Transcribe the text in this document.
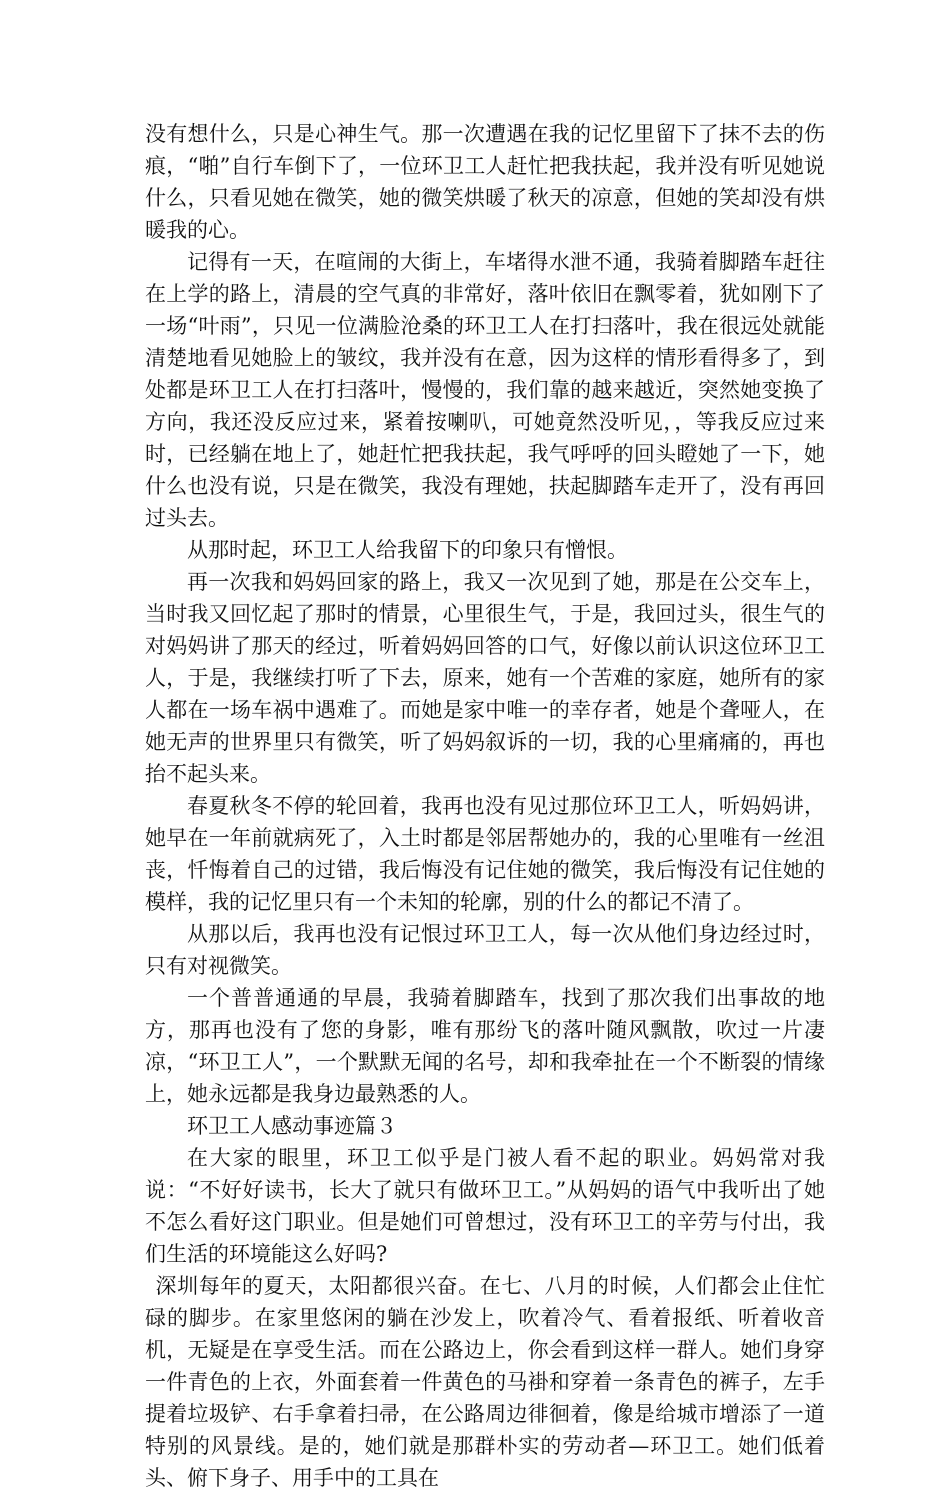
没有想什么，只是心神生气。那一次遭遇在我的记忆里留下了抹不去的伤痕，“啪”自行车倒下了，一位环卫工人赶忙把我扶起，我并没有听见她说什么，只看见她在微笑，她的微笑烘暖了秋天的凉意，但她的笑却没有烘暖我的心。

记得有一天，在喧闹的大街上，车堵得水泄不通，我骑着脚踏车赶往在上学的路上，清晨的空气真的非常好，落叶依旧在飘零着，犹如刚下了一场“叶雨”，只见一位满脸沧桑的环卫工人在打扫落叶，我在很远处就能清楚地看见她脸上的皱纹，我并没有在意，因为这样的情形看得多了，到处都是环卫工人在打扫落叶，慢慢的，我们靠的越来越近，突然她变换了方向，我还没反应过来，紧着按喇叭，可她竟然没听见，，等我反应过来时，已经躺在地上了，她赶忙把我扶起，我气呼呼的回头瞪她了一下，她什么也没有说，只是在微笑，我没有理她，扶起脚踏车走开了，没有再回过头去。

从那时起，环卫工人给我留下的印象只有憎恨。

再一次我和妈妈回家的路上，我又一次见到了她，那是在公交车上，当时我又回忆起了那时的情景，心里很生气，于是，我回过头，很生气的对妈妈讲了那天的经过，听着妈妈回答的口气，好像以前认识这位环卫工人，于是，我继续打听了下去，原来，她有一个苦难的家庭，她所有的家人都在一场车祸中遇难了。而她是家中唯一的幸存者，她是个聋哑人，在她无声的世界里只有微笑，听了妈妈叙诉的一切，我的心里痛痛的，再也抬不起头来。

春夏秋冬不停的轮回着，我再也没有见过那位环卫工人，听妈妈讲，她早在一年前就病死了，入土时都是邻居帮她办的，我的心里唯有一丝沮丧，忏悔着自己的过错，我后悔没有记住她的微笑，我后悔没有记住她的模样，我的记忆里只有一个未知的轮廓，别的什么的都记不清了。

从那以后，我再也没有记恨过环卫工人，每一次从他们身边经过时，只有对视微笑。

一个普普通通的早晨，我骑着脚踏车，找到了那次我们出事故的地方，那再也没有了您的身影，唯有那纷飞的落叶随风飘散，吹过一片凄凉，“环卫工人”，一个默默无闻的名号，却和我牵扯在一个不断裂的情缘上，她永远都是我身边最熟悉的人。

环卫工人感动事迹篇３

在大家的眼里，环卫工似乎是门被人看不起的职业。妈妈常对我说：“不好好读书，长大了就只有做环卫工。”从妈妈的语气中我听出了她不怎么看好这门职业。但是她们可曾想过，没有环卫工的辛劳与付出，我们生活的环境能这么好吗?

深圳每年的夏天，太阳都很兴奋。在七、八月的时候，人们都会止住忙碌的脚步。在家里悠闲的躺在沙发上，吹着冷气、看着报纸、听着收音机，无疑是在享受生活。而在公路边上，你会看到这样一群人。她们身穿一件青色的上衣，外面套着一件黄色的马褂和穿着一条青色的裤子，左手提着垃圾铲、右手拿着扫帚，在公路周边徘徊着，像是给城市增添了一道特别的风景线。是的，她们就是那群朴实的劳动者—环卫工。她们低着头、俯下身子、用手中的工具在
